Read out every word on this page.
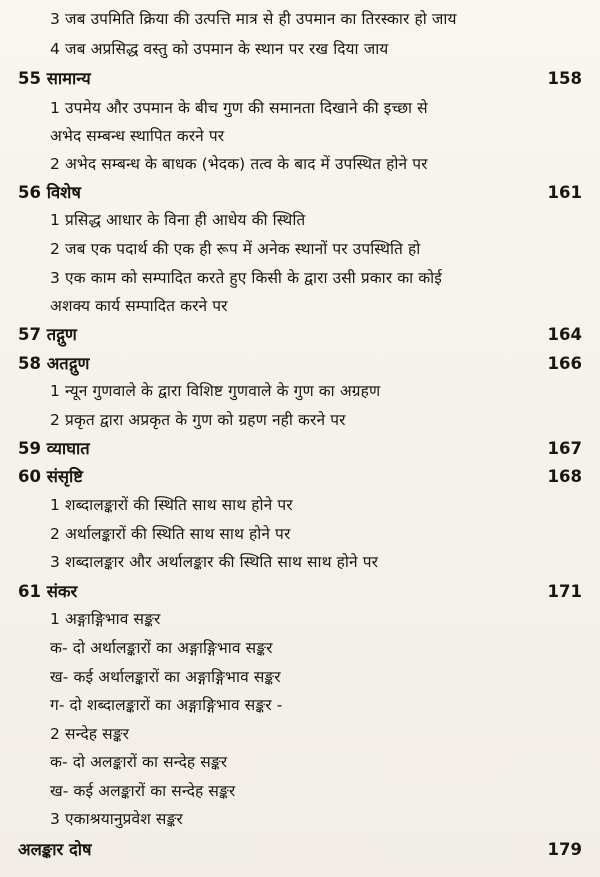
3 जब उपमिति क्रिया की उत्पत्ति मात्र से ही उपमान का तिरस्कार हो जाय
4 जब अप्रसिद्ध वस्तु को उपमान के स्थान पर रख दिया जाय
55 सामान्य	158
1 उपमेय और उपमान के बीच गुण की समानता दिखाने की इच्छा से
अभेद सम्बन्ध स्थापित करने पर
2 अभेद सम्बन्ध के बाधक (भेदक) तत्व के बाद में उपस्थित होने पर
56 विशेष	161
1 प्रसिद्ध आधार के विना ही आधेय की स्थिति
2 जब एक पदार्थ की एक ही रूप में अनेक स्थानों पर उपस्थिति हो
3 एक काम को सम्पादित करते हुए किसी के द्वारा उसी प्रकार का कोई
अशक्य कार्य सम्पादित करने पर
57 तद्गुण	164
58 अतद्गुण	166
1 न्यून गुणवाले के द्वारा विशिष्ट गुणवाले के गुण का अग्रहण
2 प्रकृत द्वारा अप्रकृत के गुण को ग्रहण नही करने पर
59 व्याघात	167
60 संसृष्टि	168
1 शब्दालङ्कारों की स्थिति साथ साथ होने पर
2 अर्थालङ्कारों की स्थिति साथ साथ होने पर
3 शब्दालङ्कार और अर्थालङ्कार की स्थिति साथ साथ होने पर
61 संकर	171
1 अङ्गाङ्गिभाव सङ्कर
क- दो अर्थालङ्कारों का अङ्गाङ्गिभाव सङ्कर
ख- कई अर्थालङ्कारों का अङ्गाङ्गिभाव सङ्कर
ग- दो शब्दालङ्कारों का अङ्गाङ्गिभाव सङ्कर -
2 सन्देह सङ्कर
क- दो अलङ्कारों का सन्देह सङ्कर
ख- कई अलङ्कारों का सन्देह सङ्कर
3 एकाश्रयानुप्रवेश सङ्कर
अलङ्कार दोष	179
